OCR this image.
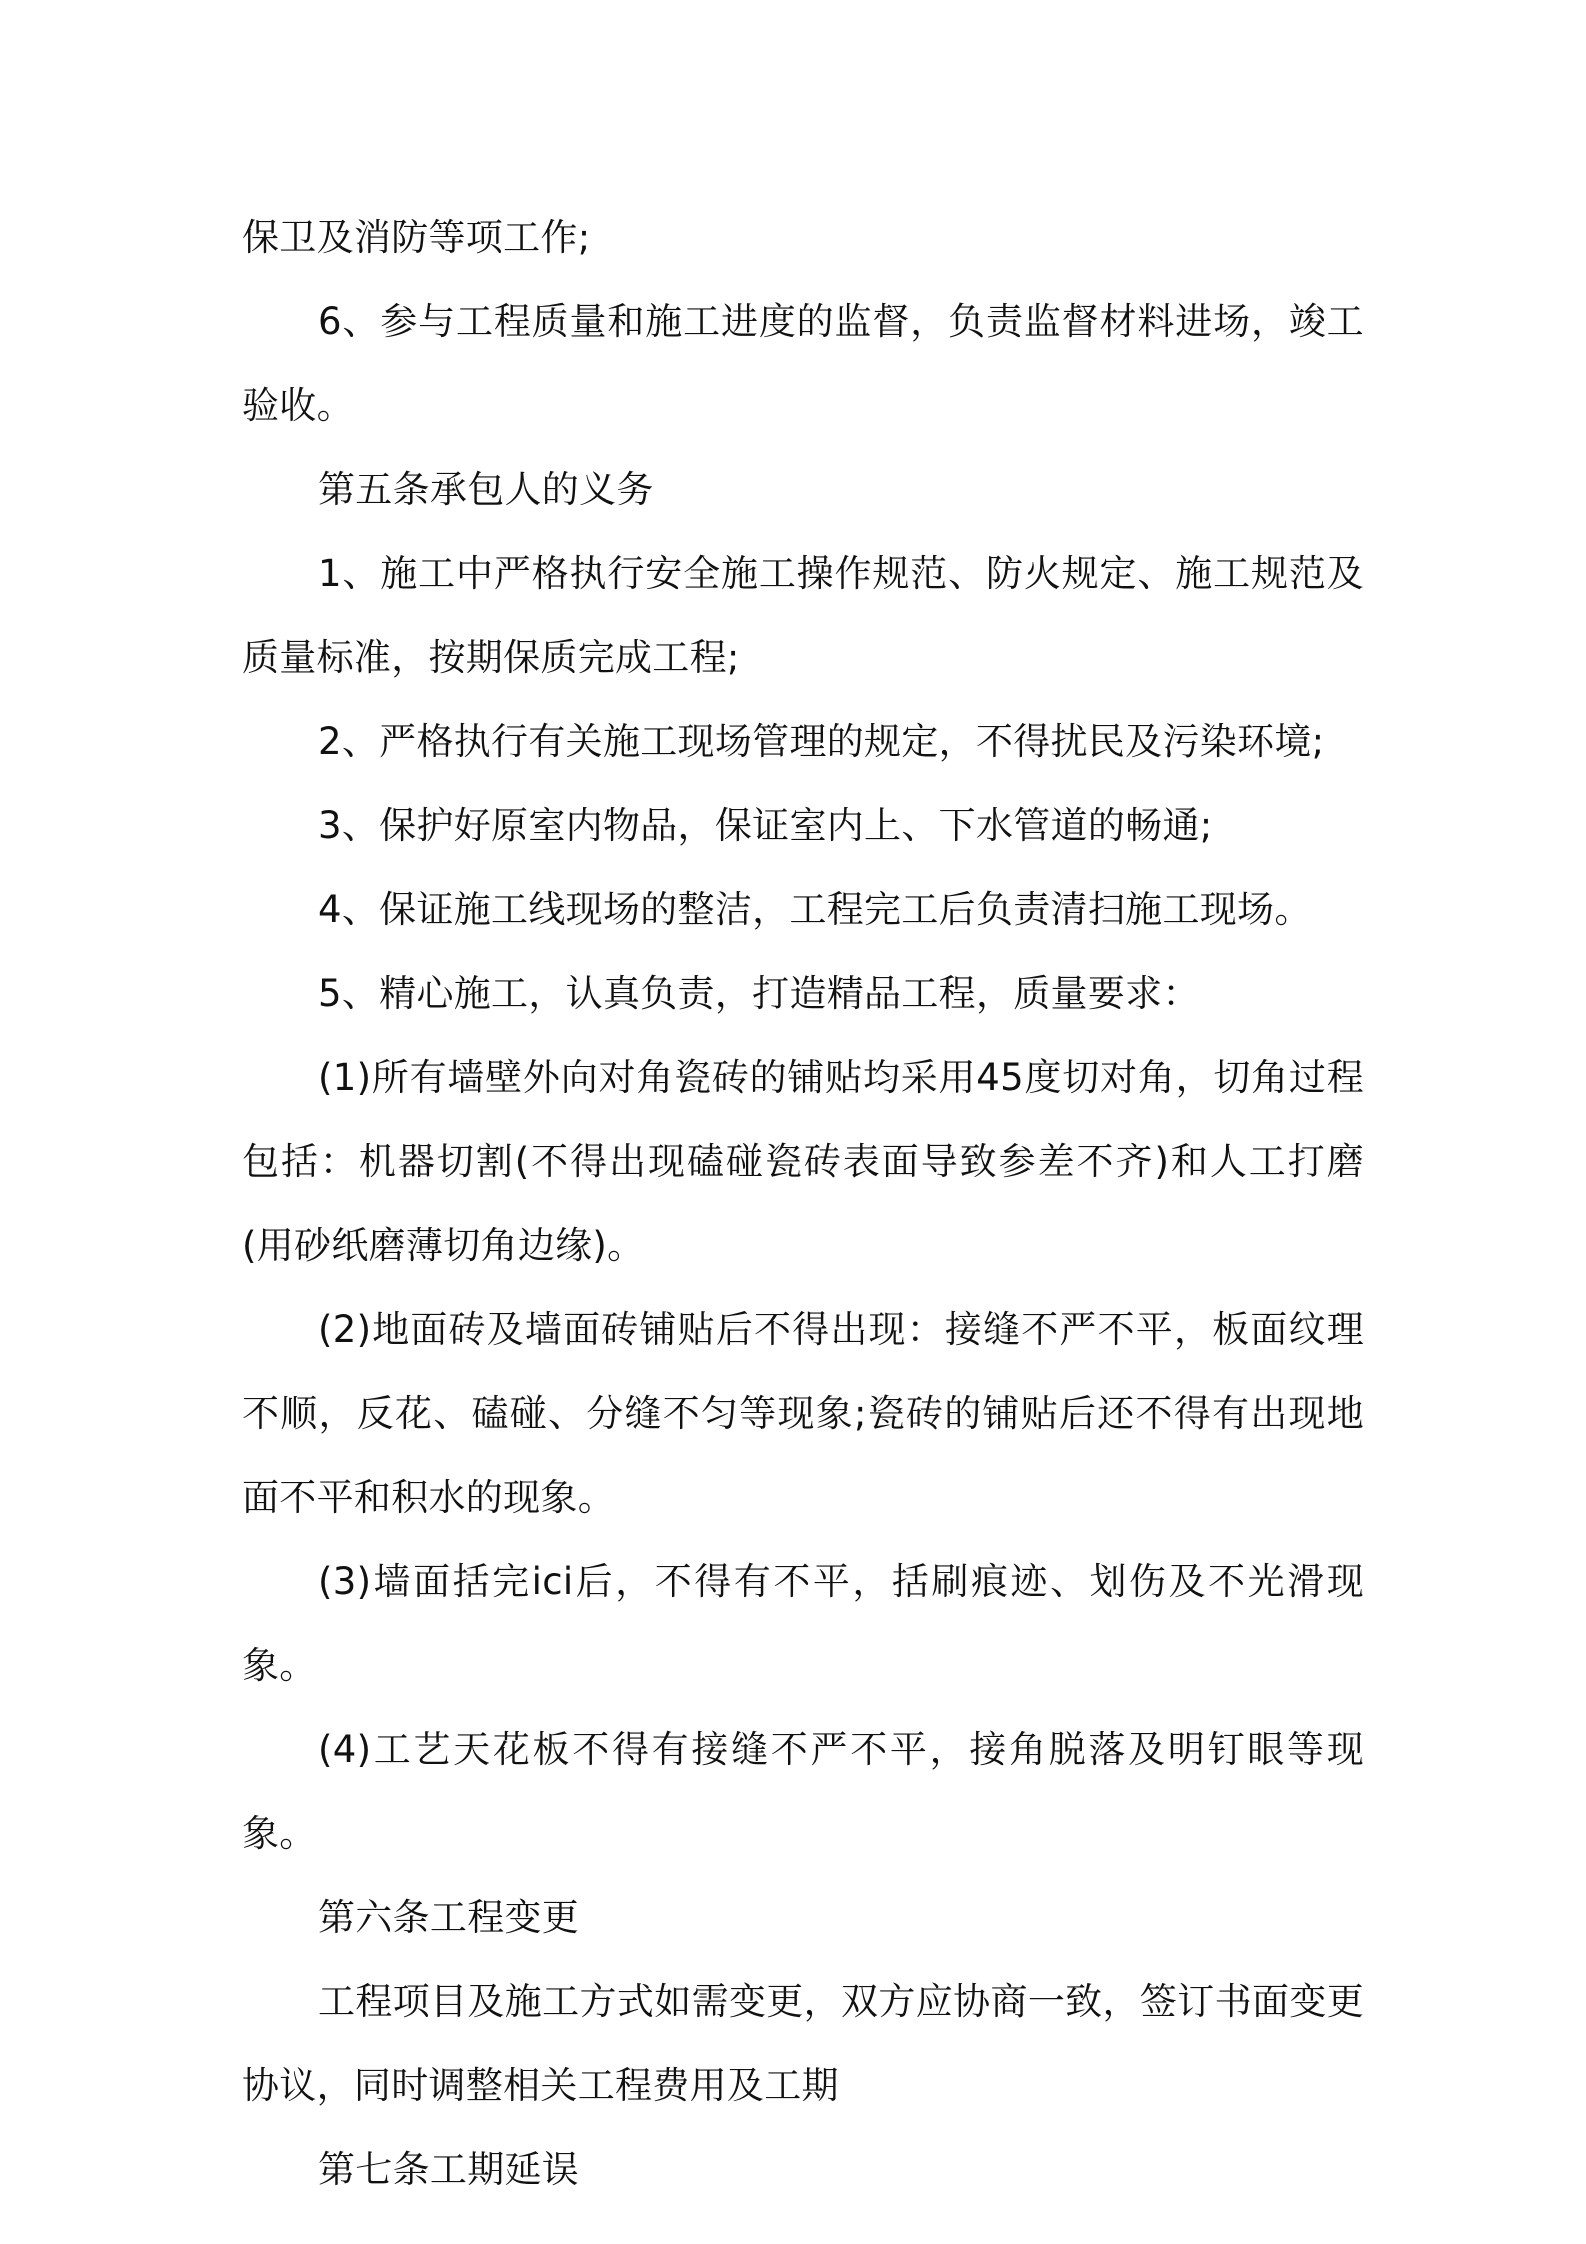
保卫及消防等项工作;

6、参与工程质量和施工进度的监督，负责监督材料进场，竣工验收。

第五条承包人的义务

1、施工中严格执行安全施工操作规范、防火规定、施工规范及质量标准，按期保质完成工程;

2、严格执行有关施工现场管理的规定，不得扰民及污染环境;

3、保护好原室内物品，保证室内上、下水管道的畅通;

4、保证施工线现场的整洁，工程完工后负责清扫施工现场。

5、精心施工，认真负责，打造精品工程，质量要求：

(1)所有墙壁外向对角瓷砖的铺贴均采用45度切对角，切角过程包括：机器切割(不得出现磕碰瓷砖表面导致参差不齐)和人工打磨(用砂纸磨薄切角边缘)。

(2)地面砖及墙面砖铺贴后不得出现：接缝不严不平，板面纹理不顺，反花、磕碰、分缝不匀等现象;瓷砖的铺贴后还不得有出现地面不平和积水的现象。

(3)墙面括完ici后，不得有不平，括刷痕迹、划伤及不光滑现象。

(4)工艺天花板不得有接缝不严不平，接角脱落及明钉眼等现象。

第六条工程变更

工程项目及施工方式如需变更，双方应协商一致，签订书面变更协议，同时调整相关工程费用及工期

第七条工期延误
